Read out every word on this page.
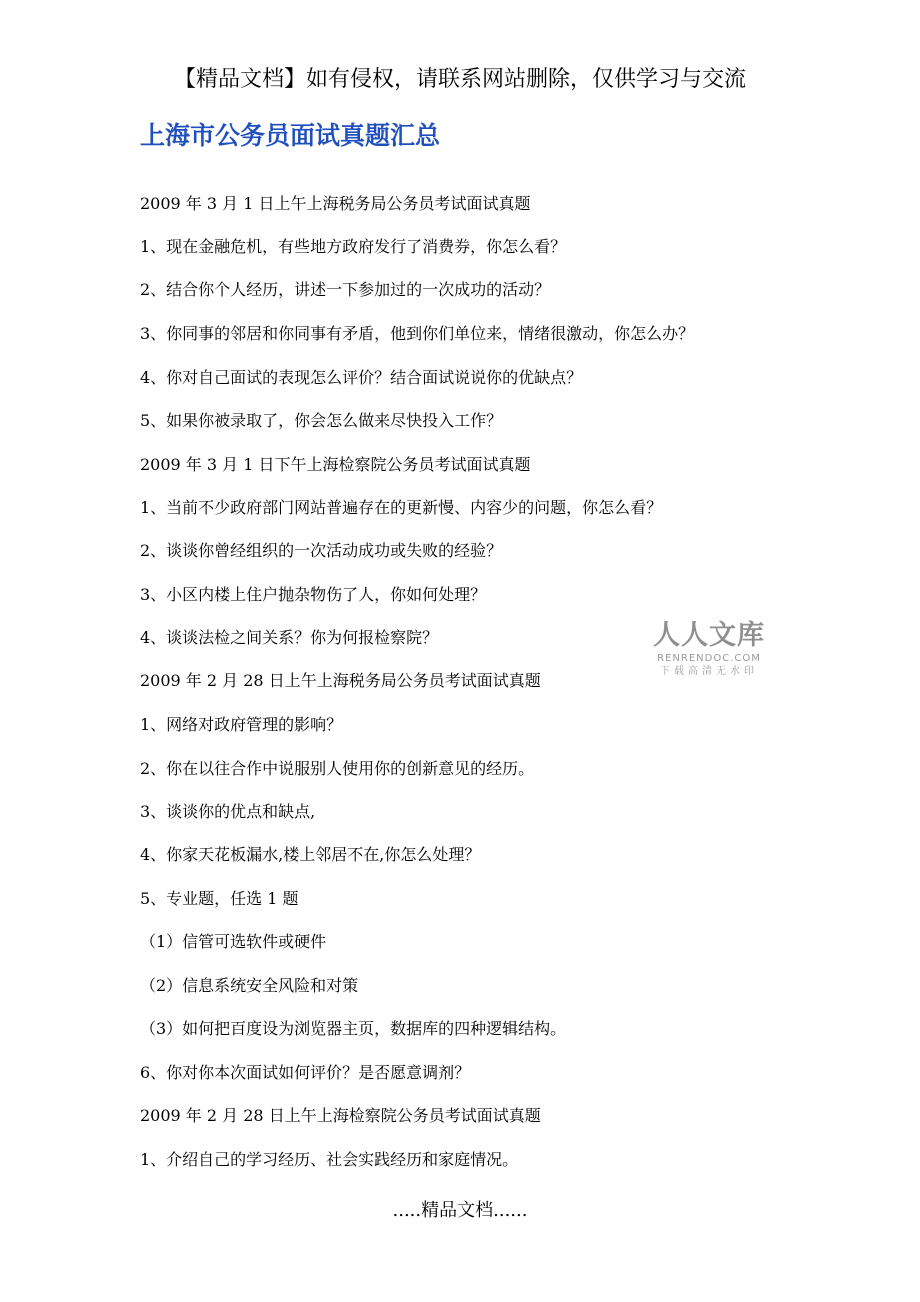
【精品文档】如有侵权，请联系网站删除，仅供学习与交流
上海市公务员面试真题汇总
2009 年 3 月 1 日上午上海税务局公务员考试面试真题
1、现在金融危机，有些地方政府发行了消费券，你怎么看？
2、结合你个人经历，讲述一下参加过的一次成功的活动？
3、你同事的邻居和你同事有矛盾，他到你们单位来，情绪很激动，你怎么办？
4、你对自己面试的表现怎么评价？结合面试说说你的优缺点？
5、如果你被录取了，你会怎么做来尽快投入工作？
2009 年 3 月 1 日下午上海检察院公务员考试面试真题
1、当前不少政府部门网站普遍存在的更新慢、内容少的问题，你怎么看？
2、谈谈你曾经组织的一次活动成功或失败的经验？
3、小区内楼上住户抛杂物伤了人，你如何处理？
4、谈谈法检之间关系？你为何报检察院？
2009 年 2 月 28 日上午上海税务局公务员考试面试真题
1、网络对政府管理的影响？
2、你在以往合作中说服别人使用你的创新意见的经历。
3、谈谈你的优点和缺点,
4、你家天花板漏水,楼上邻居不在,你怎么处理？
5、专业题，任选 1 题
（1）信管可选软件或硬件
（2）信息系统安全风险和对策
（3）如何把百度设为浏览器主页，数据库的四种逻辑结构。
6、你对你本次面试如何评价？是否愿意调剂？
2009 年 2 月 28 日上午上海检察院公务员考试面试真题
1、介绍自己的学习经历、社会实践经历和家庭情况。
人人文库
RENRENDOC.COM
下载高清无水印
.....精品文档......
